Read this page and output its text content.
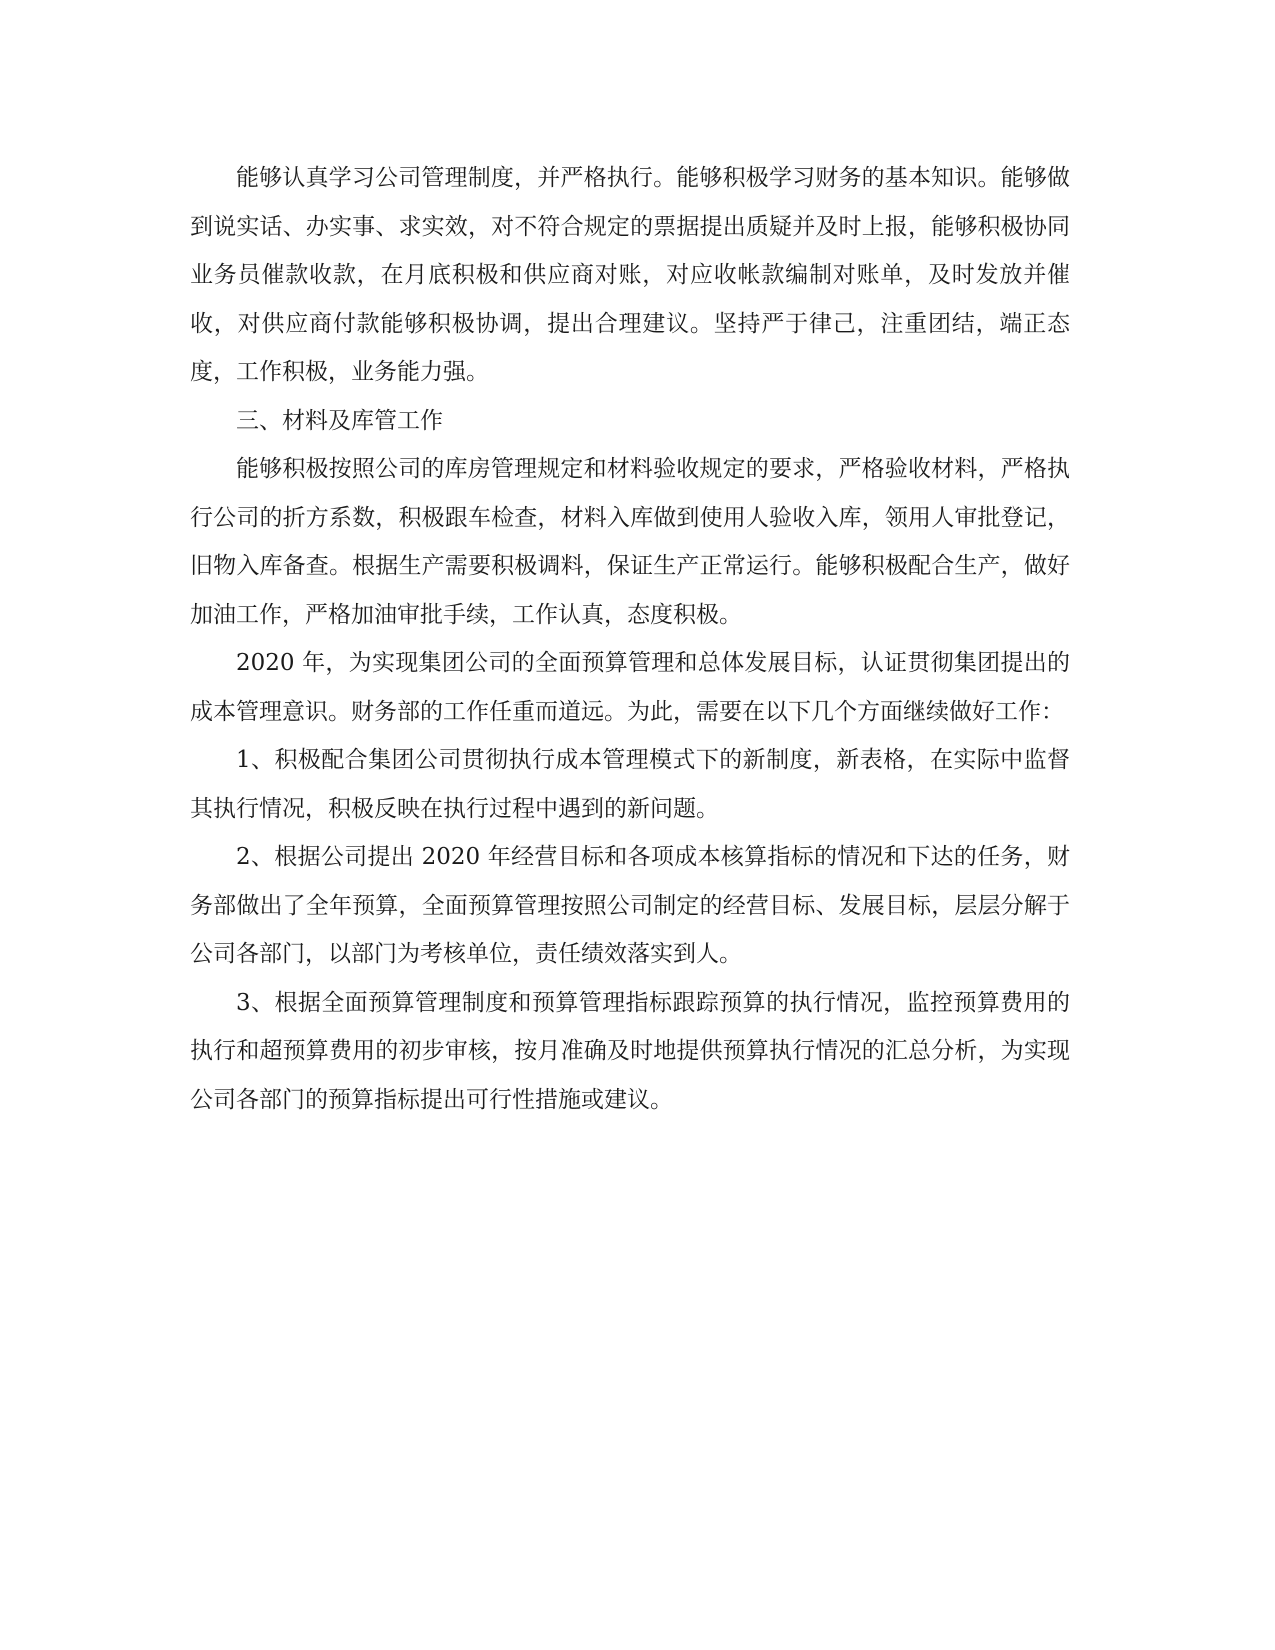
能够认真学习公司管理制度，并严格执行。能够积极学习财务的基本知识。能够做到说实话、办实事、求实效，对不符合规定的票据提出质疑并及时上报，能够积极协同业务员催款收款，在月底积极和供应商对账，对应收帐款编制对账单，及时发放并催收，对供应商付款能够积极协调，提出合理建议。坚持严于律己，注重团结，端正态度，工作积极，业务能力强。

三、材料及库管工作

能够积极按照公司的库房管理规定和材料验收规定的要求，严格验收材料，严格执行公司的折方系数，积极跟车检查，材料入库做到使用人验收入库，领用人审批登记，旧物入库备查。根据生产需要积极调料，保证生产正常运行。能够积极配合生产，做好加油工作，严格加油审批手续，工作认真，态度积极。

2020 年，为实现集团公司的全面预算管理和总体发展目标，认证贯彻集团提出的成本管理意识。财务部的工作任重而道远。为此，需要在以下几个方面继续做好工作：

1、积极配合集团公司贯彻执行成本管理模式下的新制度，新表格，在实际中监督其执行情况，积极反映在执行过程中遇到的新问题。

2、根据公司提出 2020 年经营目标和各项成本核算指标的情况和下达的任务，财务部做出了全年预算，全面预算管理按照公司制定的经营目标、发展目标，层层分解于公司各部门，以部门为考核单位，责任绩效落实到人。

3、根据全面预算管理制度和预算管理指标跟踪预算的执行情况，监控预算费用的执行和超预算费用的初步审核，按月准确及时地提供预算执行情况的汇总分析，为实现公司各部门的预算指标提出可行性措施或建议。
